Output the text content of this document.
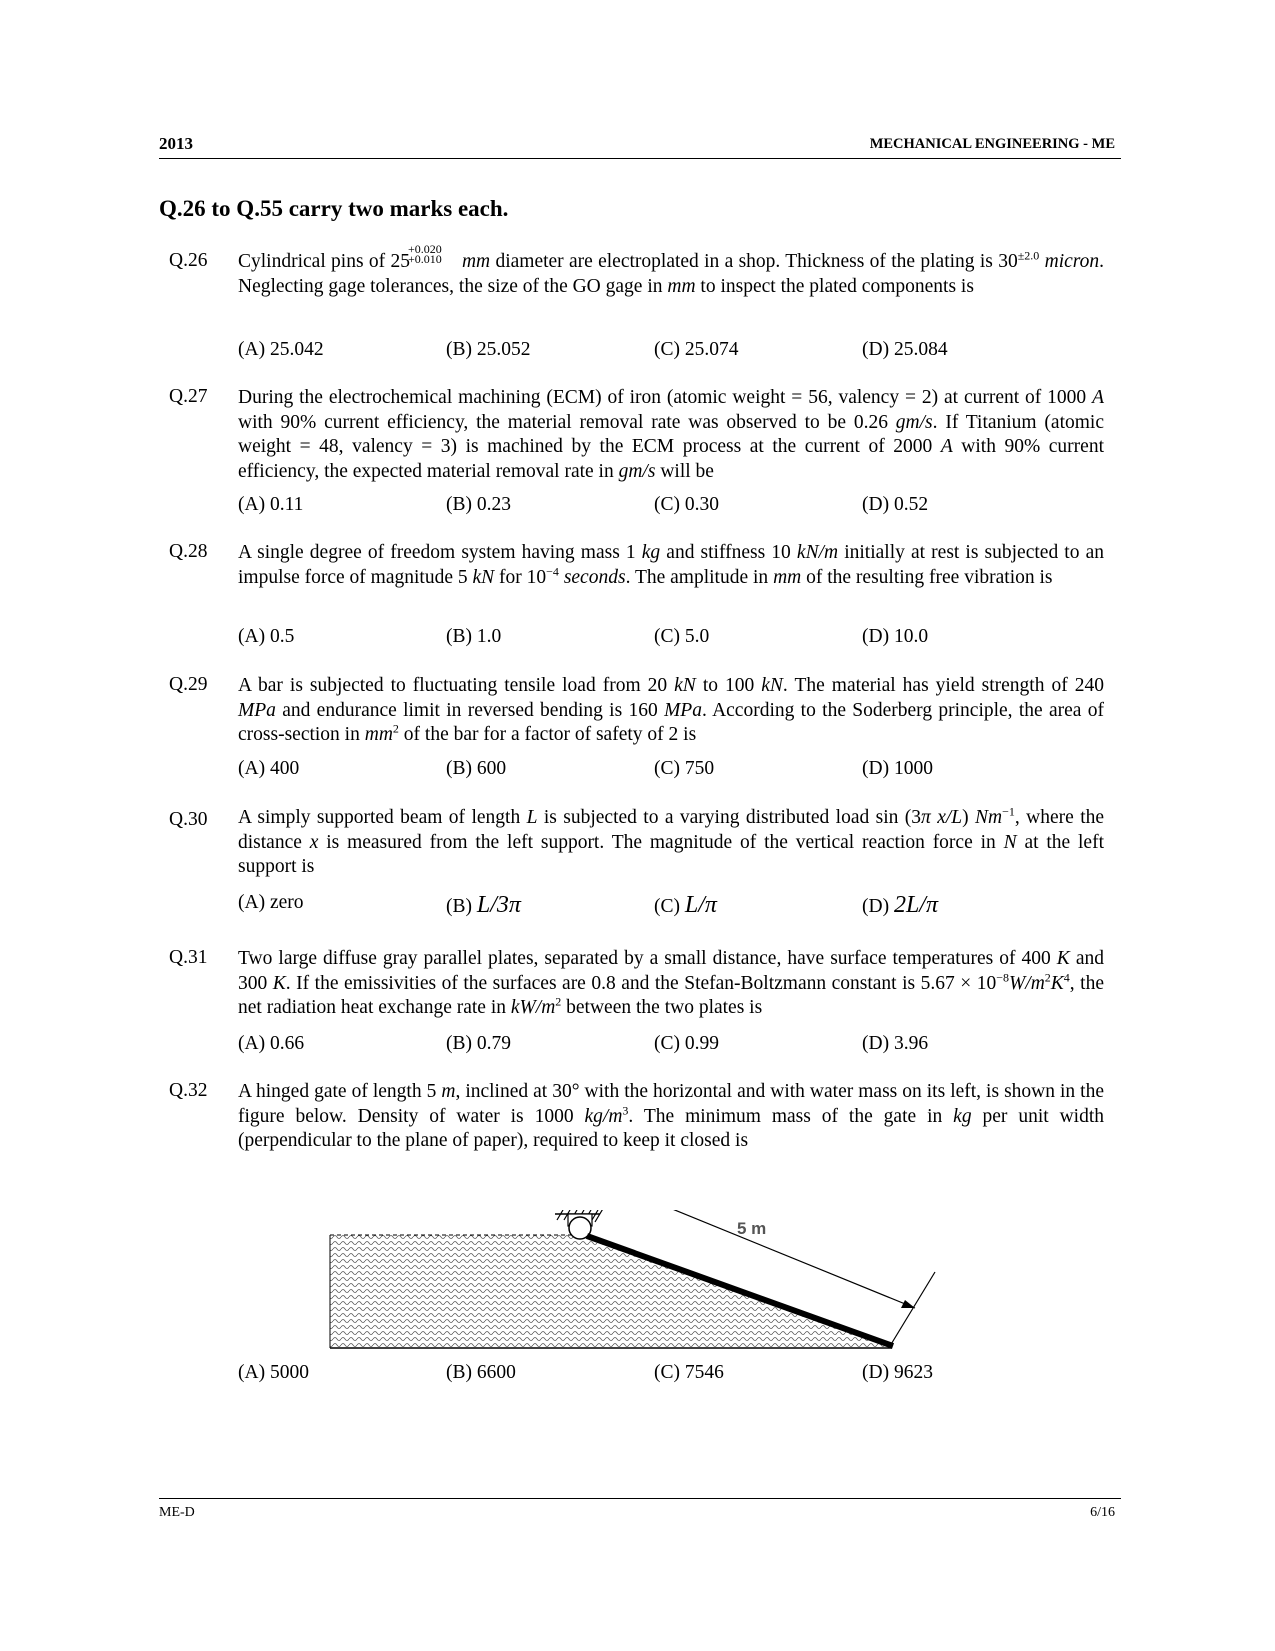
2013	MECHANICAL ENGINEERING - ME
Q.26 to Q.55 carry two marks each.
Q.26 Cylindrical pins of 25
+0.020
+0.010 mm diameter are electroplated in a shop. Thickness of the plating is $30^{\pm 2.0}$ micron. Neglecting gage tolerances, the size of the GO gage in mm to inspect the plated components is
(A) 25.042	(B) 25.052	(C) 25.074	(D) 25.084
Q.27 During the electrochemical machining (ECM) of iron (atomic weight = 56, valency = 2) at current of 1000 A with 90% current efficiency, the material removal rate was observed to be 0.26 gm/s. If Titanium (atomic weight = 48, valency = 3) is machined by the ECM process at the current of 2000 A with 90% current efficiency, the expected material removal rate in gm/s will be
(A) 0.11	(B) 0.23	(C) 0.30	(D) 0.52
Q.28 A single degree of freedom system having mass 1 kg and stiffness 10 kN/m initially at rest is subjected to an impulse force of magnitude 5 kN for $10^{-4}$ seconds. The amplitude in mm of the resulting free vibration is
(A) 0.5	(B) 1.0	(C) 5.0	(D) 10.0
Q.29 A bar is subjected to fluctuating tensile load from 20 kN to 100 kN. The material has yield strength of 240 MPa and endurance limit in reversed bending is 160 MPa. According to the Soderberg principle, the area of cross-section in $mm^2$ of the bar for a factor of safety of 2 is
(A) 400	(B) 600	(C) 750	(D) 1000
Q.30 A simply supported beam of length L is subjected to a varying distributed load sin (3π x/L) $Nm^{-1}$, where the distance x is measured from the left support. The magnitude of the vertical reaction force in N at the left support is
(A) zero	(B) L/3π	(C) L/π	(D) 2L/π
Q.31 Two large diffuse gray parallel plates, separated by a small distance, have surface temperatures of 400 K and 300 K. If the emissivities of the surfaces are 0.8 and the Stefan-Boltzmann constant is $5.67 \times 10^{-8}W/m^2K^4$, the net radiation heat exchange rate in $kW/m^2$ between the two plates is
(A) 0.66	(B) 0.79	(C) 0.99	(D) 3.96
Q.32 A hinged gate of length 5 m, inclined at 30° with the horizontal and with water mass on its left, is shown in the figure below. Density of water is 1000 $kg/m^3$. The minimum mass of the gate in kg per unit width (perpendicular to the plane of paper), required to keep it closed is
(A) 5000	(B) 6600	(C) 7546	(D) 9623
5 m
ME-D	6/16
